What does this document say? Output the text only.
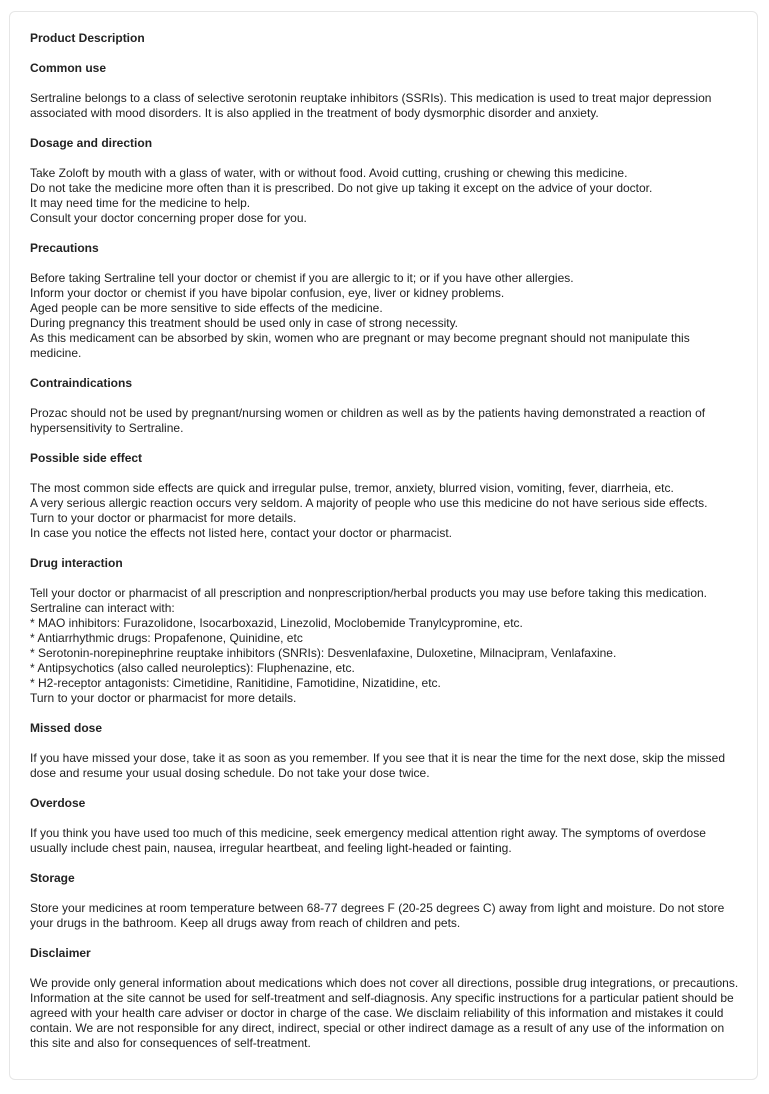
Product Description
Common use
Sertraline belongs to a class of selective serotonin reuptake inhibitors (SSRIs). This medication is used to treat major depression associated with mood disorders. It is also applied in the treatment of body dysmorphic disorder and anxiety.
Dosage and direction
Take Zoloft by mouth with a glass of water, with or without food. Avoid cutting, crushing or chewing this medicine.
Do not take the medicine more often than it is prescribed. Do not give up taking it except on the advice of your doctor.
It may need time for the medicine to help.
Consult your doctor concerning proper dose for you.
Precautions
Before taking Sertraline tell your doctor or chemist if you are allergic to it; or if you have other allergies.
Inform your doctor or chemist if you have bipolar confusion, eye, liver or kidney problems.
Aged people can be more sensitive to side effects of the medicine.
During pregnancy this treatment should be used only in case of strong necessity.
As this medicament can be absorbed by skin, women who are pregnant or may become pregnant should not manipulate this medicine.
Contraindications
Prozac should not be used by pregnant/nursing women or children as well as by the patients having demonstrated a reaction of hypersensitivity to Sertraline.
Possible side effect
The most common side effects are quick and irregular pulse, tremor, anxiety, blurred vision, vomiting, fever, diarrheia, etc.
A very serious allergic reaction occurs very seldom. A majority of people who use this medicine do not have serious side effects.
Turn to your doctor or pharmacist for more details.
In case you notice the effects not listed here, contact your doctor or pharmacist.
Drug interaction
Tell your doctor or pharmacist of all prescription and nonprescription/herbal products you may use before taking this medication.
Sertraline can interact with:
* MAO inhibitors: Furazolidone, Isocarboxazid, Linezolid, Moclobemide Tranylcypromine, etc.
* Antiarrhythmic drugs: Propafenone, Quinidine, etc
* Serotonin-norepinephrine reuptake inhibitors (SNRIs): Desvenlafaxine, Duloxetine, Milnacipram, Venlafaxine.
* Antipsychotics (also called neuroleptics): Fluphenazine, etc.
* H2-receptor antagonists: Cimetidine, Ranitidine, Famotidine, Nizatidine, etc.
Turn to your doctor or pharmacist for more details.
Missed dose
If you have missed your dose, take it as soon as you remember. If you see that it is near the time for the next dose, skip the missed dose and resume your usual dosing schedule. Do not take your dose twice.
Overdose
If you think you have used too much of this medicine, seek emergency medical attention right away. The symptoms of overdose usually include chest pain, nausea, irregular heartbeat, and feeling light-headed or fainting.
Storage
Store your medicines at room temperature between 68-77 degrees F (20-25 degrees C) away from light and moisture. Do not store your drugs in the bathroom. Keep all drugs away from reach of children and pets.
Disclaimer
We provide only general information about medications which does not cover all directions, possible drug integrations, or precautions. Information at the site cannot be used for self-treatment and self-diagnosis. Any specific instructions for a particular patient should be agreed with your health care adviser or doctor in charge of the case. We disclaim reliability of this information and mistakes it could contain. We are not responsible for any direct, indirect, special or other indirect damage as a result of any use of the information on this site and also for consequences of self-treatment.
